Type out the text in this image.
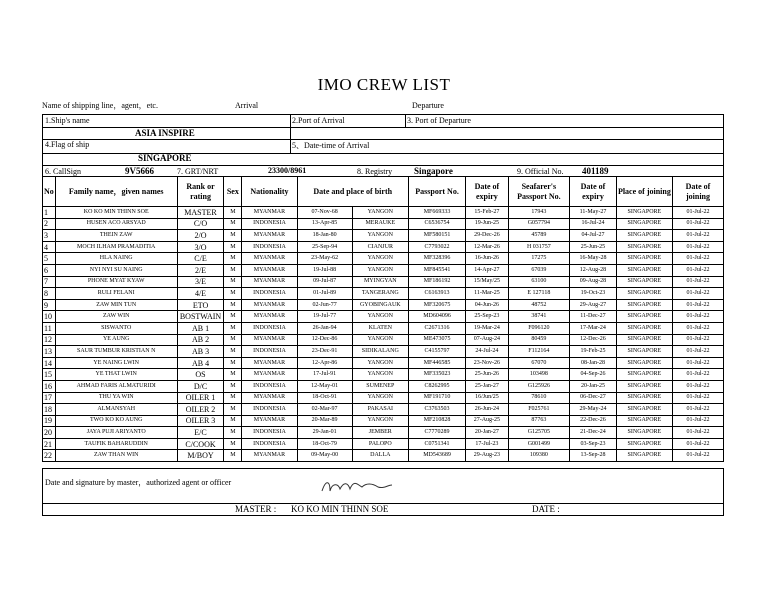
IMO CREW LIST
Name of shipping line，agent，etc.	Arrival	Departure
1.Ship's name
ASIA INSPIRE
2.Port of Arrival	3. Port of Departure
4.Flag of ship	5、Date-time of Arrival
SINGAPORE
6. CallSign	9V5666	7. GRT/NRT	23300/8961	8. Registry Singapore	9. Official No. 401189
No	Family name，given names	Rank or rating	Sex	Nationality	Date and place of birth		Passport No.	Date of expiry	Seafarer's Passport No.	Date of expiry	Place of joining	Date of joining
1	KO KO MIN THINN SOE	MASTER	M	MYANMAR	07-Nov-68	YANGON	MF669333	15-Feb-27	17943	11-May-27	SINGAPORE	01-Jul-22
2	HUSEN ACO ARSYAD	C/O	M	INDONESIA	13-Apr-85	MERAUKE	C6536754	19-Jun-25	G057794	16-Jul-24	SINGAPORE	01-Jul-22
3	THEIN ZAW	2/O	M	MYANMAR	18-Jan-80	YANGON	MF580151	29-Dec-26	45789	04-Jul-27	SINGAPORE	01-Jul-22
4	MOCH ILHAM PRAMADITIA	3/O	M	INDONESIA	25-Sep-94	CIANJUR	C7793022	12-Mar-26	H 031757	25-Jun-25	SINGAPORE	01-Jul-22
5	HLA NAING	C/E	M	MYANMAR	23-May-62	YANGON	MF328396	16-Jun-26	17275	16-May-28	SINGAPORE	01-Jul-22
6	NYI NYI SU NAING	2/E	M	MYANMAR	19-Jul-88	YANGON	MF845541	14-Apr-27	67039	12-Aug-28	SINGAPORE	01-Jul-22
7	PHONE MYAT KYAW	3/E	M	MYANMAR	09-Jul-87	MYINGYAN	MF186192	15/May/25	63100	09-Aug-28	SINGAPORE	01-Jul-22
8	RULI FELANI	4/E	M	INDONESIA	01-Jul-89	TANGERANG	C6163913	11-Mar-25	E 127118	19-Oct-23	SINGAPORE	01-Jul-22
9	ZAW MIN TUN	ETO	M	MYANMAR	02-Jun-77	GYOBINGAUK	MF320675	04-Jun-26	48752	29-Aug-27	SINGAPORE	01-Jul-22
10	ZAW WIN	BOSTWAIN	M	MYANMAR	19-Jul-77	YANGON	MD604096	25-Sep-23	38741	11-Dec-27	SINGAPORE	01-Jul-22
11	SISWANTO	AB 1	M	INDONESIA	26-Jan-94	KLATEN	C2671316	19-Mar-24	F096120	17-Mar-24	SINGAPORE	01-Jul-22
12	YE AUNG	AB 2	M	MYANMAR	12-Dec-86	YANGON	ME473075	07-Aug-24	80459	12-Dec-26	SINGAPORE	01-Jul-22
13	SAUR TUMBUR KRISTIAN N	AB 3	M	INDONESIA	23-Dec-91	SIDIKALANG	C4155797	24-Jul-24	F112164	19-Feb-25	SINGAPORE	01-Jul-22
14	YE NAING LWIN	AB 4	M	MYANMAR	12-Apr-86	YANGON	MF446585	23-Nov-26	67070	08-Jan-28	SINGAPORE	01-Jul-22
15	YE THAT LWIN	OS	M	MYANMAR	17-Jul-91	YANGON	MF335023	25-Jun-26	103498	04-Sep-26	SINGAPORE	01-Jul-22
16	AHMAD FARIS ALMATURIDI	D/C	M	INDONESIA	12-May-01	SUMENEP	C8262995	25-Jan-27	G125926	20-Jan-25	SINGAPORE	01-Jul-22
17	THU YA WIN	OILER 1	M	MYANMAR	18-Oct-91	YANGON	MF191710	16/Jun/25	78610	06-Dec-27	SINGAPORE	01-Jul-22
18	ALMANSYAH	OILER 2	M	INDONESIA	02-Mar-97	PAKASAI	C3763503	26-Jun-24	F025761	29-May-24	SINGAPORE	01-Jul-22
19	TWO KO KO AUNG	OILER 3	M	MYANMAR	20-Mar-89	YANGON	MF210828	27-Aug-25	87763	22-Dec-26	SINGAPORE	01-Jul-22
20	JAYA PUJI ARIYANTO	E/C	M	INDONESIA	29-Jan-01	JEMBER	C7770289	20-Jan-27	G125705	21-Dec-24	SINGAPORE	01-Jul-22
21	TAUFIK BAHARUDDIN	C/COOK	M	INDONESIA	18-Oct-79	PALOPO	C0751341	17-Jul-23	G001499	03-Sep-23	SINGAPORE	01-Jul-22
22	ZAW THAN WIN	M/BOY	M	MYANMAR	09-May-00	DALLA	MD543689	29-Aug-23	109380	13-Sep-28	SINGAPORE	01-Jul-22
Date and signature by master，authorized agent or officer
MASTER : KO KO MIN THINN SOE	DATE :
